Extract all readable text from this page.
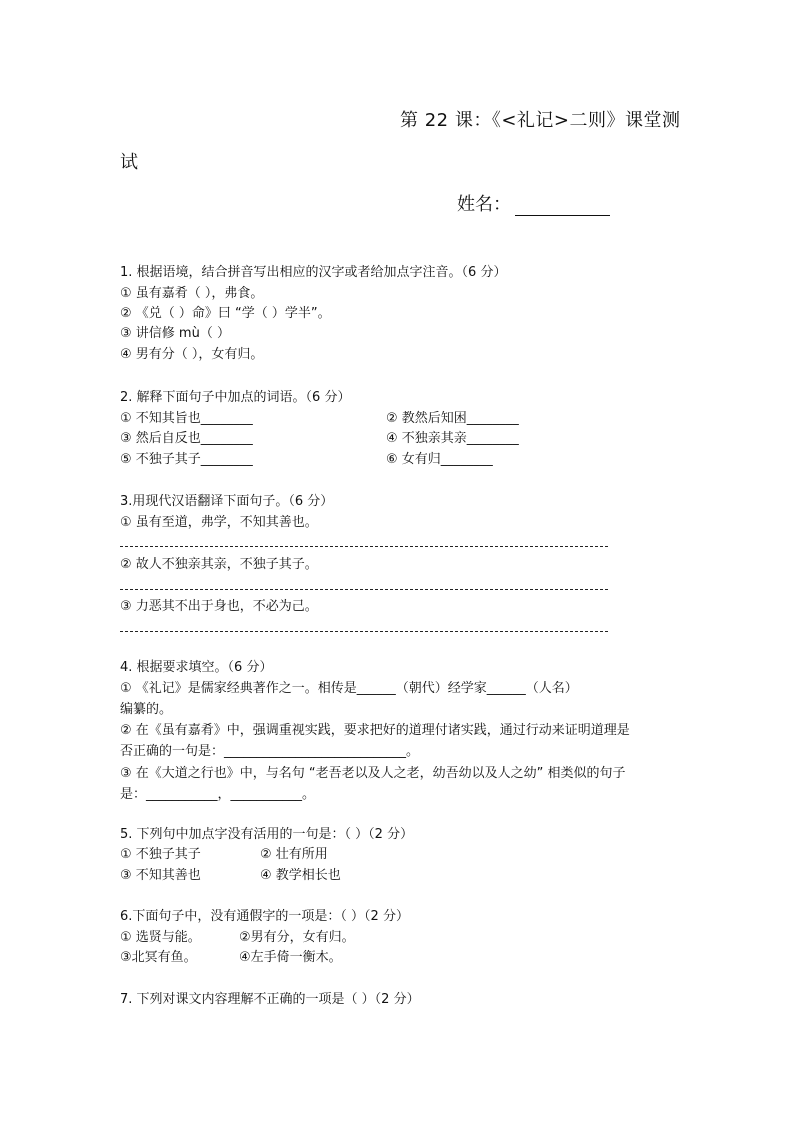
第 22 课：《<礼记>二则》课堂测
试
姓名：
1. 根据语境，结合拼音写出相应的汉字或者给加点字注音。（6 分）
① 虽有嘉肴（ ），弗食。
② 《兑（ ）命》曰 “学（ ）学半”。
③ 讲信修 mù（ ）
④ 男有分（ ），女有归。
2. 解释下面句子中加点的词语。（6 分）
① 不知其旨也________	② 教然后知困________
③ 然后自反也________	④ 不独亲其亲________
⑤ 不独子其子________	⑥ 女有归________
3.用现代汉语翻译下面句子。（6 分）
① 虽有至道，弗学，不知其善也。
② 故人不独亲其亲，不独子其子。
③ 力恶其不出于身也，不必为己。
4. 根据要求填空。（6 分）
① 《礼记》是儒家经典著作之一。相传是______（朝代）经学家______（人名）
编纂的。
② 在《虽有嘉肴》中，强调重视实践，要求把好的道理付诸实践，通过行动来证明道理是
否正确的一句是：____________________________。
③ 在《大道之行也》中，与名句 “老吾老以及人之老，幼吾幼以及人之幼” 相类似的句子
是：___________，___________。
5. 下列句中加点字没有活用的一句是：（ ）（2 分）
① 不独子其子	② 壮有所用
③ 不知其善也	④ 教学相长也
6.下面句子中，没有通假字的一项是：（ ）（2 分）
① 选贤与能。	②男有分，女有归。
③北冥有鱼。	④左手倚一衡木。
7. 下列对课文内容理解不正确的一项是（ ）（2 分）
